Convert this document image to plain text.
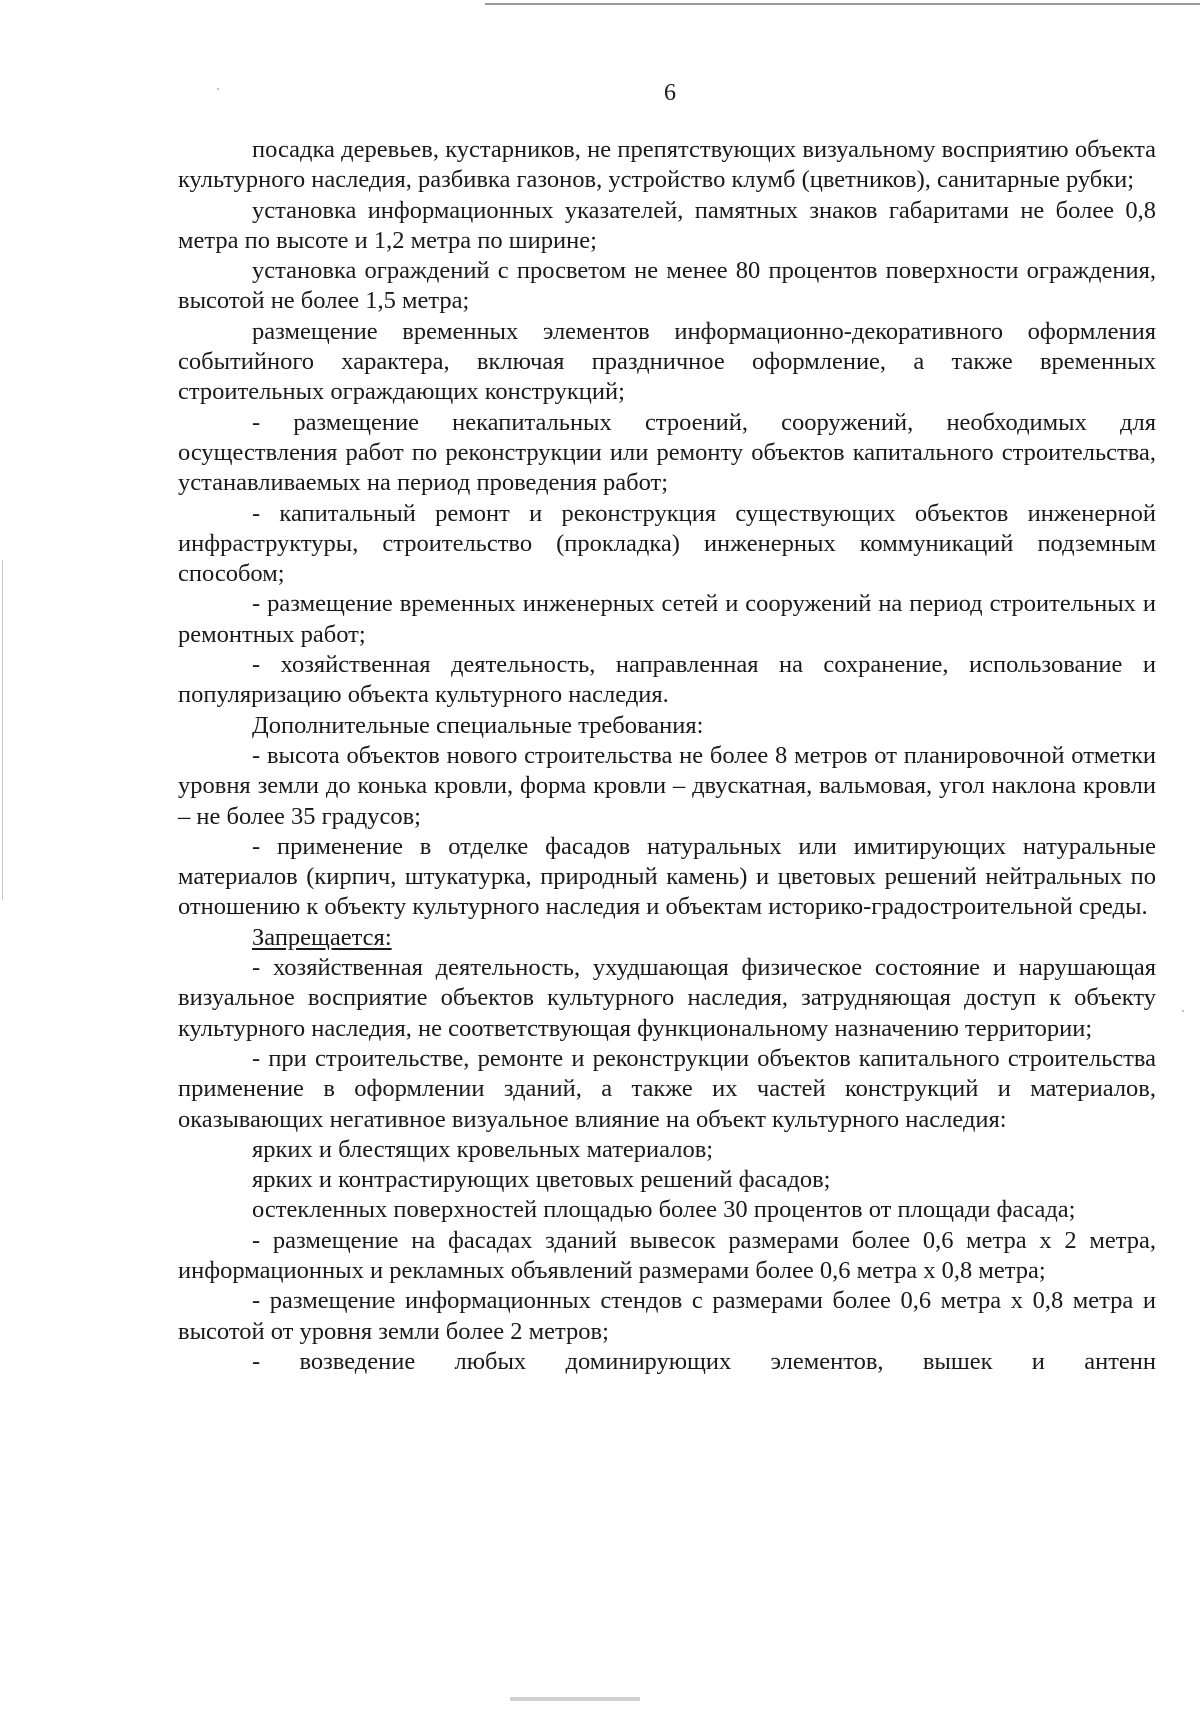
6

посадка деревьев, кустарников, не препятствующих визуальному восприятию объекта культурного наследия, разбивка газонов, устройство клумб (цветников), санитарные рубки;

установка информационных указателей, памятных знаков габаритами не более 0,8 метра по высоте и 1,2 метра по ширине;

установка ограждений с просветом не менее 80 процентов поверхности ограждения, высотой не более 1,5 метра;

размещение временных элементов информационно-декоративного оформления событийного характера, включая праздничное оформление, а также временных строительных ограждающих конструкций;

- размещение некапитальных строений, сооружений, необходимых для осуществления работ по реконструкции или ремонту объектов капитального строительства, устанавливаемых на период проведения работ;

- капитальный ремонт и реконструкция существующих объектов инженерной инфраструктуры, строительство (прокладка) инженерных коммуникаций подземным способом;

- размещение временных инженерных сетей и сооружений на период строительных и ремонтных работ;

- хозяйственная деятельность, направленная на сохранение, использование и популяризацию объекта культурного наследия.

Дополнительные специальные требования:

- высота объектов нового строительства не более 8 метров от планировочной отметки уровня земли до конька кровли, форма кровли – двускатная, вальмовая, угол наклона кровли – не более 35 градусов;

- применение в отделке фасадов натуральных или имитирующих натуральные материалов (кирпич, штукатурка, природный камень) и цветовых решений нейтральных по отношению к объекту культурного наследия и объектам историко-градостроительной среды.

Запрещается:

- хозяйственная деятельность, ухудшающая физическое состояние и нарушающая визуальное восприятие объектов культурного наследия, затрудняющая доступ к объекту культурного наследия, не соответствующая функциональному назначению территории;

- при строительстве, ремонте и реконструкции объектов капитального строительства применение в оформлении зданий, а также их частей конструкций и материалов, оказывающих негативное визуальное влияние на объект культурного наследия:

ярких и блестящих кровельных материалов;

ярких и контрастирующих цветовых решений фасадов;

остекленных поверхностей площадью более 30 процентов от площади фасада;

- размещение на фасадах зданий вывесок размерами более 0,6 метра х 2 метра, информационных и рекламных объявлений размерами более 0,6 метра х 0,8 метра;

- размещение информационных стендов с размерами более 0,6 метра х 0,8 метра и высотой от уровня земли более 2 метров;

- возведение любых доминирующих элементов, вышек и антенн
